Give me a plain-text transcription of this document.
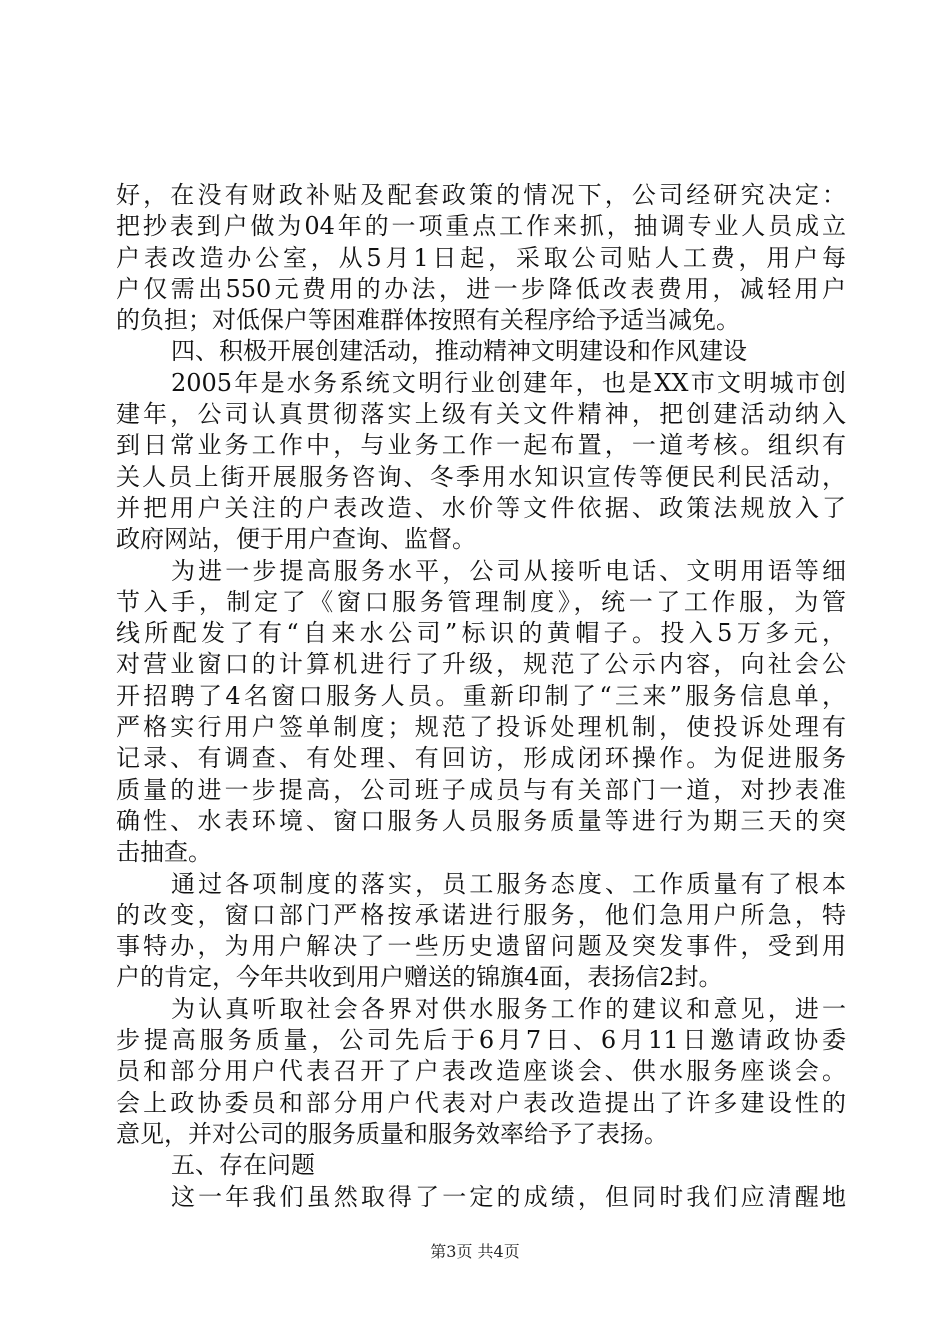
好，在没有财政补贴及配套政策的情况下，公司经研究决定：
把抄表到户做为04年的一项重点工作来抓，抽调专业人员成立
户表改造办公室，从5月1日起，采取公司贴人工费，用户每
户仅需出550元费用的办法，进一步降低改表费用，减轻用户
的负担；对低保户等困难群体按照有关程序给予适当减免。
四、积极开展创建活动，推动精神文明建设和作风建设
2005年是水务系统文明行业创建年，也是XX市文明城市创
建年，公司认真贯彻落实上级有关文件精神，把创建活动纳入
到日常业务工作中，与业务工作一起布置，一道考核。组织有
关人员上街开展服务咨询、冬季用水知识宣传等便民利民活动，
并把用户关注的户表改造、水价等文件依据、政策法规放入了
政府网站，便于用户查询、监督。
为进一步提高服务水平，公司从接听电话、文明用语等细
节入手，制定了《窗口服务管理制度》，统一了工作服，为管
线所配发了有“自来水公司”标识的黄帽子。投入5万多元，
对营业窗口的计算机进行了升级，规范了公示内容，向社会公
开招聘了4名窗口服务人员。重新印制了“三来”服务信息单，
严格实行用户签单制度；规范了投诉处理机制，使投诉处理有
记录、有调查、有处理、有回访，形成闭环操作。为促进服务
质量的进一步提高，公司班子成员与有关部门一道，对抄表准
确性、水表环境、窗口服务人员服务质量等进行为期三天的突
击抽查。
通过各项制度的落实，员工服务态度、工作质量有了根本
的改变，窗口部门严格按承诺进行服务，他们急用户所急，特
事特办，为用户解决了一些历史遗留问题及突发事件，受到用
户的肯定，今年共收到用户赠送的锦旗4面，表扬信2封。
为认真听取社会各界对供水服务工作的建议和意见，进一
步提高服务质量，公司先后于6月7日、6月11日邀请政协委
员和部分用户代表召开了户表改造座谈会、供水服务座谈会。
会上政协委员和部分用户代表对户表改造提出了许多建设性的
意见，并对公司的服务质量和服务效率给予了表扬。
五、存在问题
这一年我们虽然取得了一定的成绩，但同时我们应清醒地
第3页 共4页
